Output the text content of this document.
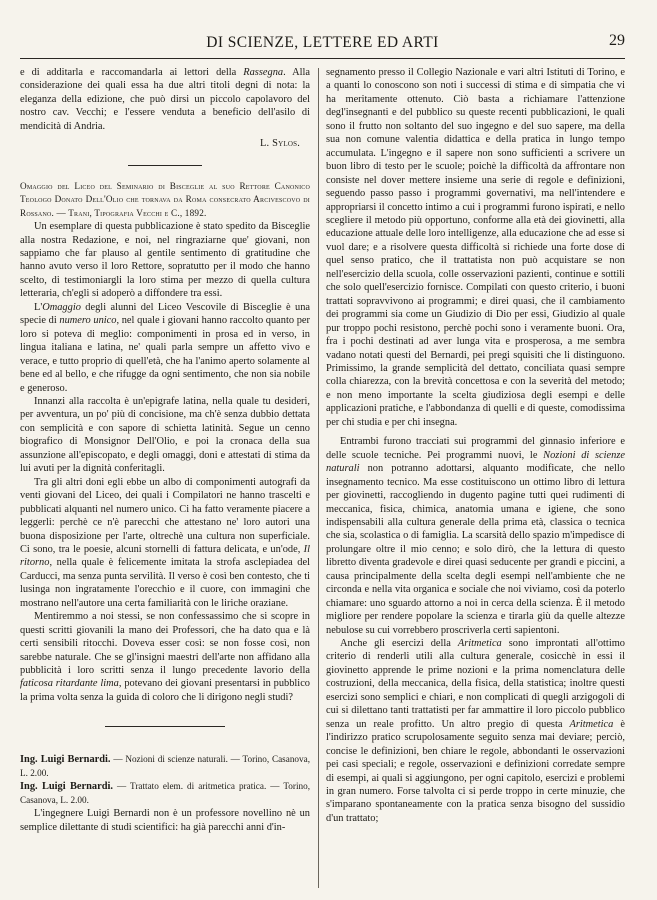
DI SCIENZE, LETTERE ED ARTI	29

e di additarla e raccomandarla ai lettori della Rassegna. Alla considerazione dei quali essa ha due altri titoli degni di nota: la eleganza della edizione, che può dirsi un piccolo capolavoro del nostro cav. Vecchi; e l'essere venduta a beneficio dell'asilo di mendicità di Andria.

L. Sylos.

Omaggio del Liceo del Seminario di Bisceglie al suo Rettore Canonico Teologo Donato Dell'Olio che tornava da Roma consecrato Arcivescovo di Rossano. — Trani, Tipografia Vecchi e C., 1892.

Un esemplare di questa pubblicazione è stato spedito da Bisceglie alla nostra Redazione, e noi, nel ringraziarne que' giovani, non sappiamo che far plauso al gentile sentimento di gratitudine che hanno avuto verso il loro Rettore, sopratutto per il modo che hanno scelto, di testimoniargli la loro stima per mezzo di quella cultura letteraria, ch'egli si adoperò a diffondere tra essi.

L'Omaggio degli alunni del Liceo Vescovile di Bisceglie è una specie di numero unico, nel quale i giovani hanno raccolto quanto per loro si poteva di meglio: componimenti in prosa ed in verso, in lingua italiana e latina, ne' quali parla sempre un affetto vivo e verace, e tutto proprio di quell'età, che ha l'animo aperto solamente al bene ed al bello, e che rifugge da ogni sentimento, che non sia nobile e generoso.

Innanzi alla raccolta è un'epigrafe latina, nella quale tu desideri, per avventura, un po' più di concisione, ma ch'è senza dubbio dettata con semplicità e con sapore di schietta latinità. Segue un cenno biografico di Monsignor Dell'Olio, e poi la cronaca della sua assunzione all'episcopato, e degli omaggi, doni e attestati di stima da lui avuti per la dignità conferitagli.

Tra gli altri doni egli ebbe un albo di componimenti autografi da venti giovani del Liceo, dei quali i Compilatori ne hanno trascelti e pubblicati alquanti nel numero unico. Ci ha fatto veramente piacere a leggerli: perchè ce n'è parecchi che attestano ne' loro autori una buona disposizione per l'arte, oltrechè una cultura non superficiale. Ci sono, tra le poesie, alcuni stornelli di fattura delicata, e un'ode, Il ritorno, nella quale è felicemente imitata la strofa asclepiadea del Carducci, ma senza punta servilità. Il verso è così ben contesto, che ti lusinga non ingratamente l'orecchio e il cuore, con immagini che mostrano nell'autore una certa familiarità con le liriche oraziane.

Mentiremmo a noi stessi, se non confessassimo che si scopre in questi scritti giovanili la mano dei Professori, che ha dato qua e là certi sensibili ritocchi. Doveva esser così: se non fosse così, non sarebbe naturale. Che se gl'insigni maestri dell'arte non affidano alla pubblicità i loro scritti senza il lungo precedente lavorio della faticosa ritardante lima, potevano dei giovani presentarsi in pubblico la prima volta senza la guida di coloro che li dirigono negli studi?

Ing. Luigi Bernardi. — Nozioni di scienze naturali. — Torino, Casanova, L. 2.00.

Ing. Luigi Bernardi. — Trattato elem. di aritmetica pratica. — Torino, Casanova, L. 2.00.

L'ingegnere Luigi Bernardi non è un professore novellino nè un semplice dilettante di studi scientifici: ha già parecchi anni d'in-

segnamento presso il Collegio Nazionale e vari altri Istituti di Torino, e a quanti lo conoscono son noti i successi di stima e di simpatia che vi ha meritamente ottenuto. Ciò basta a richiamare l'attenzione degl'insegnanti e del pubblico su queste recenti pubblicazioni, le quali sono il frutto non soltanto del suo ingegno e del suo sapere, ma della sua non comune valentia didattica e della pratica in lungo tempo accumulata. L'ingegno e il sapere non sono sufficienti a scrivere un buon libro di testo per le scuole; poichè la difficoltà da affrontare non consiste nel dover mettere insieme una serie di regole e definizioni, seguendo passo passo i programmi governativi, ma nell'intendere e appropriarsi il concetto intimo a cui i programmi furono ispirati, e nello scegliere il metodo più opportuno, conforme alla età dei giovinetti, alla educazione attuale delle loro intelligenze, alla educazione che ad esse si vuol dare; e a risolvere questa difficoltà si richiede una forte dose di quel senso pratico, che il trattatista non può acquistare se non nell'esercizio della scuola, colle osservazioni pazienti, continue e sottili che solo quell'esercizio fornisce. Compilati con questo criterio, i buoni trattati sopravvivono ai programmi; e direi quasi, che il cambiamento dei programmi sia come un Giudizio di Dio per essi, Giudizio al quale pur troppo pochi resistono, perchè pochi sono i veramente buoni. Ora, fra i pochi destinati ad aver lunga vita e prosperosa, a me sembra vadano notati questi del Bernardi, pei pregi squisiti che li distinguono. Primissimo, la grande semplicità del dettato, conciliata quasi sempre colla chiarezza, con la brevità concettosa e con la severità del metodo; e non meno importante la scelta giudiziosa degli esempi e delle applicazioni pratiche, e l'abbondanza di quelli e di queste, comodissima per chi studia e per chi insegna.

Entrambi furono tracciati sui programmi del ginnasio inferiore e delle scuole tecniche. Pei programmi nuovi, le Nozioni di scienze naturali non potranno adottarsi, alquanto modificate, che nello insegnamento tecnico. Ma esse costituiscono un ottimo libro di lettura per giovinetti, raccogliendo in dugento pagine tutti quei rudimenti di meccanica, fisica, chimica, anatomia umana e igiene, che sono indispensabili alla cultura generale della prima età, classica o tecnica che sia, scolastica o di famiglia. La scarsità dello spazio m'impedisce di prolungare oltre il mio cenno; e solo dirò, che la lettura di questo libretto diventa gradevole e direi quasi seducente per grandi e piccini, a causa principalmente della scelta degli esempi nell'ambiente che ne circonda e nella vita organica e sociale che noi viviamo, così da poterlo chiamare: uno sguardo attorno a noi in cerca della scienza. È il metodo migliore per rendere popolare la scienza e tirarla giù da quelle altezze nebulose su cui vorrebbero proscriverla certi sapientoni.

Anche gli esercizi della Aritmetica sono improntati all'ottimo criterio di renderli utili alla cultura generale, cosicchè in essi il giovinetto apprende le prime nozioni e la prima nomenclatura delle costruzioni, della meccanica, della fisica, della statistica; inoltre questi esercizi sono semplici e chiari, e non complicati di quegli arzigogoli di cui si dilettano tanti trattatisti per far ammattire il loro piccolo pubblico senza un reale profitto. Un altro pregio di questa Aritmetica è l'indirizzo pratico scrupolosamente seguito senza mai deviare; perciò, concise le definizioni, ben chiare le regole, abbondanti le osservazioni pei casi speciali; e regole, osservazioni e definizioni corredate sempre di esempi, ai quali si aggiungono, per ogni capitolo, esercizi e problemi in gran numero. Forse talvolta ci si perde troppo in certe minuzie, che s'imparano spontaneamente con la pratica senza bisogno del sussidio d'un trattato;
